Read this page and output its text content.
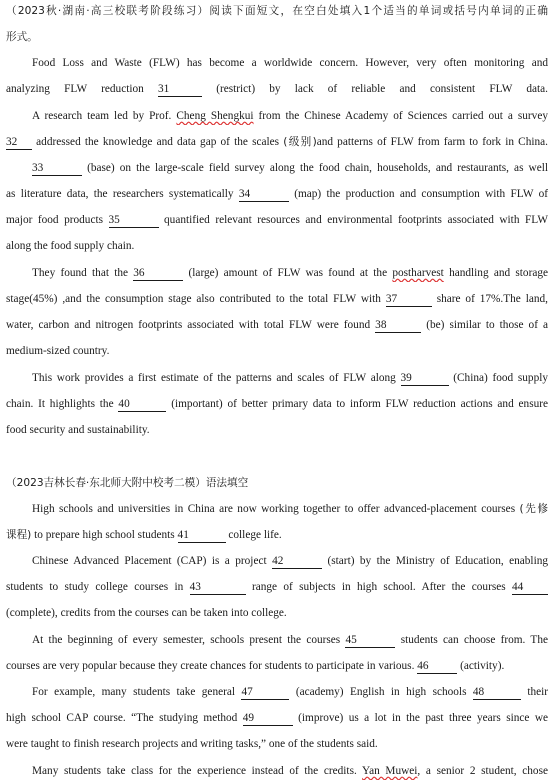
（2023秋·湖南·高三校联考阶段练习）阅读下面短文，在空白处填入1个适当的单词或括号内单词的正确
形式。
Food Loss and Waste (FLW) has become a worldwide concern. However, very often monitoring and
analyzing FLW reduction 31	(restrict) by lack of reliable and consistent FLW data.
A research team led by Prof. Cheng Shengkui from the Chinese Academy of Sciences carried out a survey
32 addressed the knowledge and data gap of the scales (级别)and patterns of FLW from farm to fork in China.
33	(base) on the large-scale field survey along the food chain, households, and restaurants, as well
as literature data, the researchers systematically 34	(map) the production and consumption with FLW of
major food products 35	quantified relevant resources and environmental footprints associated with FLW
along the food supply chain.
They found that the 36	(large) amount of FLW was found at the postharvest handling and storage
stage(45%) ,and the consumption stage also contributed to the total FLW with 37	share of 17%.The land,
water, carbon and nitrogen footprints associated with total FLW were found 38	(be) similar to those of a
medium-sized country.
This work provides a first estimate of the patterns and scales of FLW along 39	(China) food supply
chain. It highlights the 40	(important) of better primary data to inform FLW reduction actions and ensure
food security and sustainability.
（2023吉林长春·东北师大附中校考二模）语法填空
High schools and universities in China are now working together to offer advanced-placement courses (先修
课程) to prepare high school students 41	college life.
Chinese Advanced Placement (CAP) is a project 42	(start) by the Ministry of Education, enabling
students to study college courses in 43	range of subjects in high school. After the courses 44
(complete), credits from the courses can be taken into college.
At the beginning of every semester, schools present the courses 45	students can choose from. The
courses are very popular because they create chances for students to participate in various. 46	(activity).
For example, many students take general 47	(academy) English in high schools 48	their
high school CAP course. “The studying method 49	(improve) us a lot in the past three years since we
were taught to finish research projects and writing tasks,” one of the students said.
Many students take class for the experience instead of the credits. Yan Muwei, a senior 2 student, chose
